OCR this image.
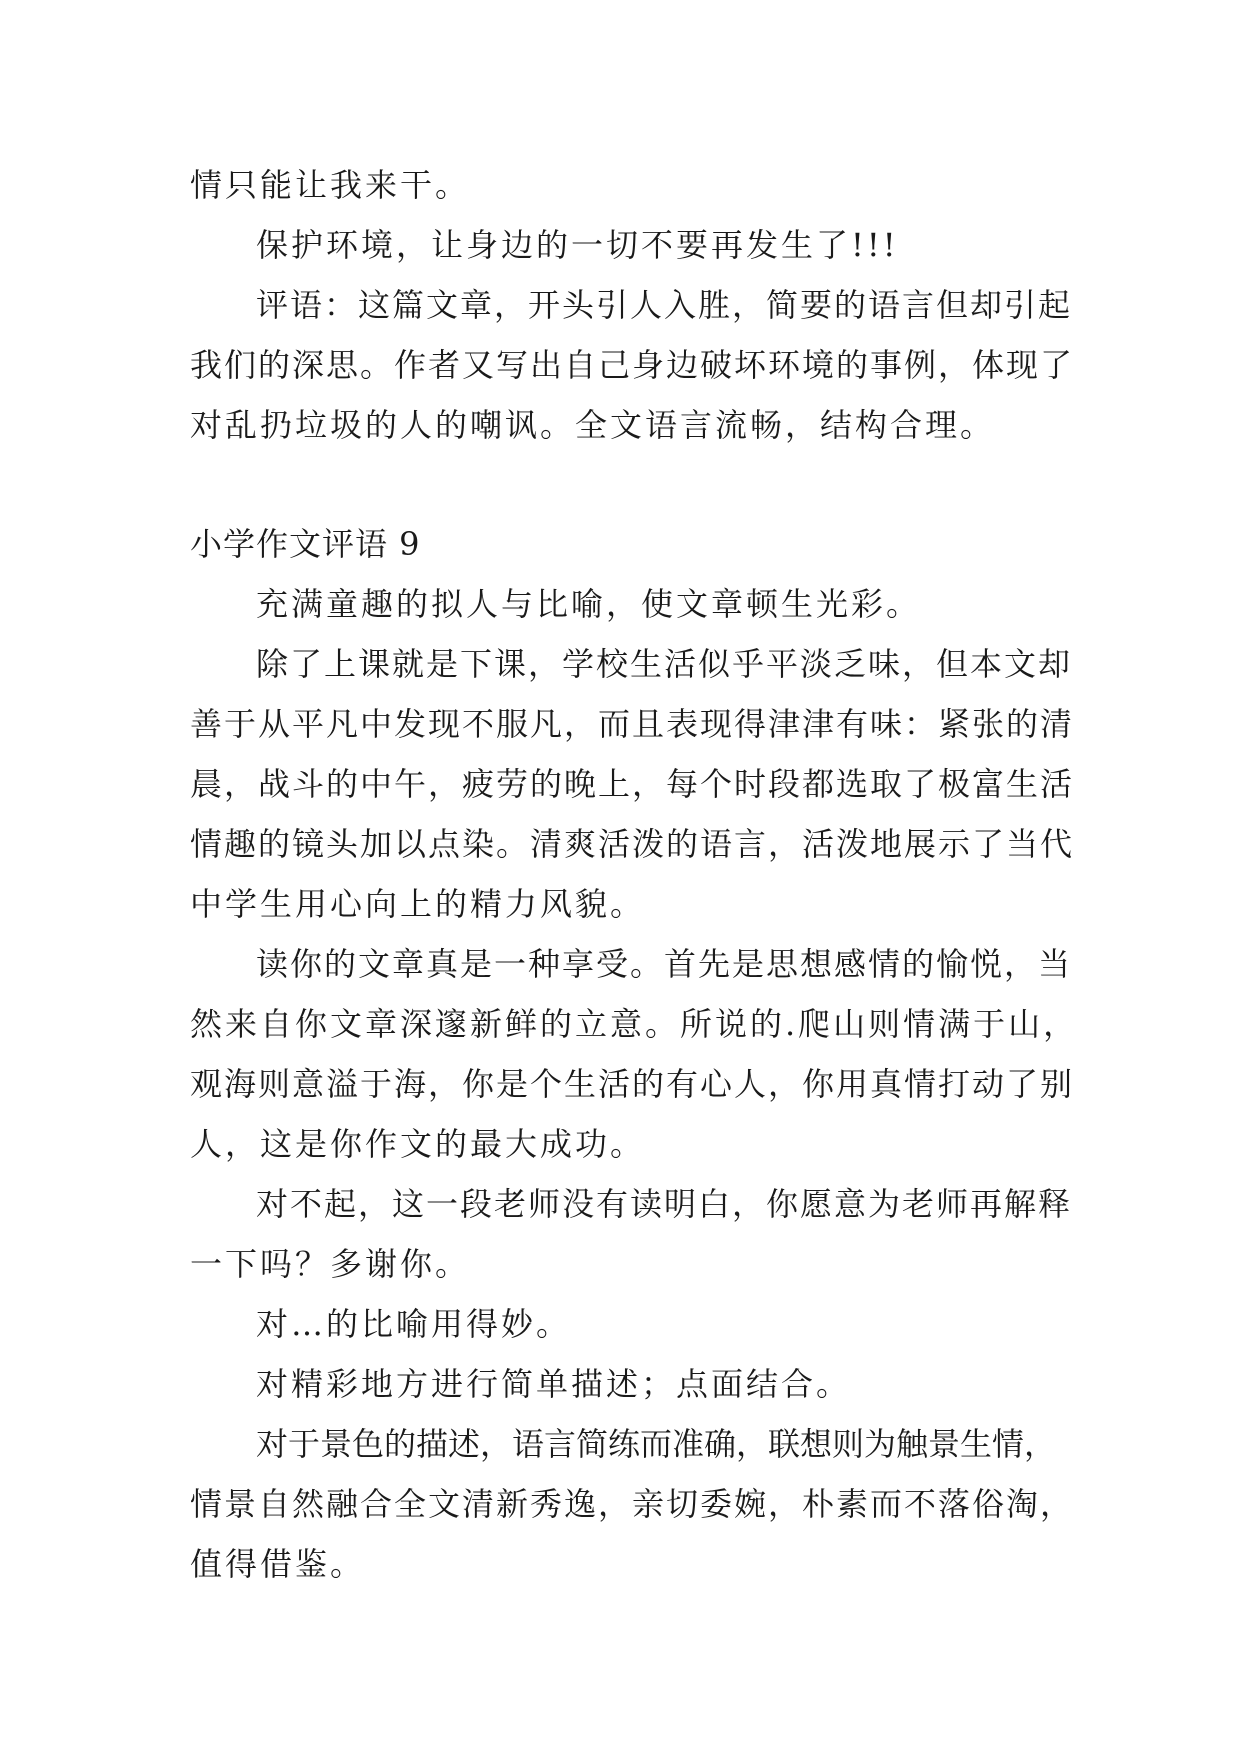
情只能让我来干。
保护环境，让身边的一切不要再发生了!!!
评语：这篇文章，开头引人入胜，简要的语言但却引起
我们的深思。作者又写出自己身边破坏环境的事例，体现了
对乱扔垃圾的人的嘲讽。全文语言流畅，结构合理。
小学作文评语 9
充满童趣的拟人与比喻，使文章顿生光彩。
除了上课就是下课，学校生活似乎平淡乏味，但本文却
善于从平凡中发现不服凡，而且表现得津津有味：紧张的清
晨，战斗的中午，疲劳的晚上，每个时段都选取了极富生活
情趣的镜头加以点染。清爽活泼的语言，活泼地展示了当代
中学生用心向上的精力风貌。
读你的文章真是一种享受。首先是思想感情的愉悦，当
然来自你文章深邃新鲜的立意。所说的.爬山则情满于山，
观海则意溢于海，你是个生活的有心人，你用真情打动了别
人，这是你作文的最大成功。
对不起，这一段老师没有读明白，你愿意为老师再解释
一下吗？多谢你。
对…的比喻用得妙。
对精彩地方进行简单描述；点面结合。
对于景色的描述，语言简练而准确，联想则为触景生情，
情景自然融合全文清新秀逸，亲切委婉，朴素而不落俗淘，
值得借鉴。
